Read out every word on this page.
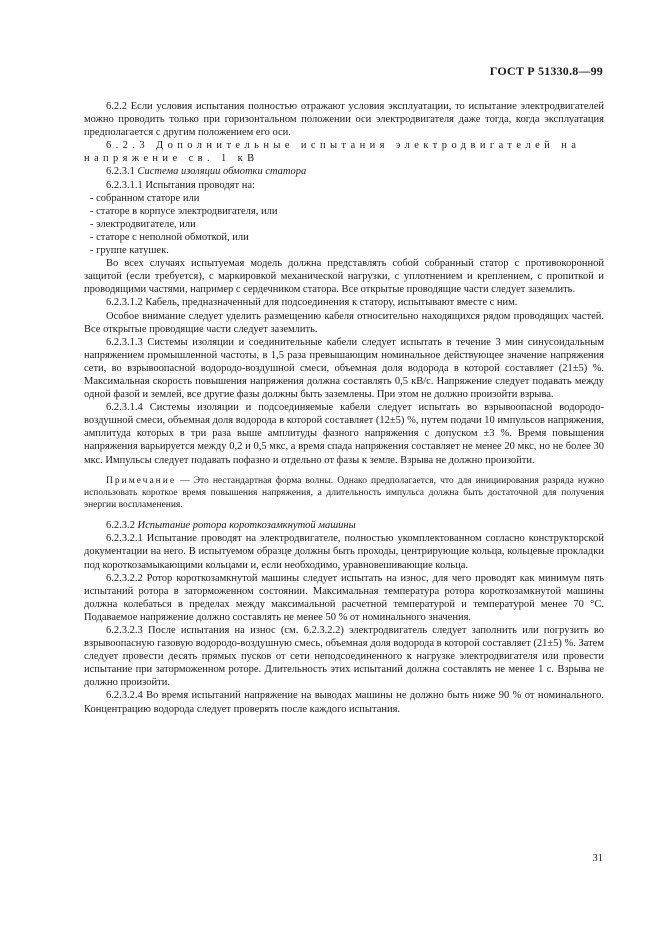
ГОСТ Р 51330.8—99

6.2.2 Если условия испытания полностью отражают условия эксплуатации, то испытание электродвигателей можно проводить только при горизонтальном положении оси электродвигателя даже тогда, когда эксплуатация предполагается с другим положением его оси.

6.2.3 Дополнительные испытания электродвигателей на напряжение св. 1 кВ

6.2.3.1 Система изоляции обмотки статора

6.2.3.1.1 Испытания проводят на:

- собранном статоре или

- статоре в корпусе электродвигателя, или

- электродвигателе, или

- статоре с неполной обмоткой, или

- группе катушек.

Во всех случаях испытуемая модель должна представлять собой собранный статор с противокоронной защитой (если требуется), с маркировкой механической нагрузки, с уплотнением и креплением, с пропиткой и проводящими частями, например с сердечником статора. Все открытые проводящие части следует заземлить.

6.2.3.1.2 Кабель, предназначенный для подсоединения к статору, испытывают вместе с ним.

Особое внимание следует уделить размещению кабеля относительно находящихся рядом проводящих частей. Все открытые проводящие части следует заземлить.

6.2.3.1.3 Системы изоляции и соединительные кабели следует испытать в течение 3 мин синусоидальным напряжением промышленной частоты, в 1,5 раза превышающим номинальное действующее значение напряжения сети, во взрывоопасной водородо-воздушной смеси, объемная доля водорода в которой составляет (21±5) %. Максимальная скорость повышения напряжения должна составлять 0,5 кВ/с. Напряжение следует подавать между одной фазой и землей, все другие фазы должны быть заземлены. При этом не должно произойти взрыва.

6.2.3.1.4 Системы изоляции и подсоединяемые кабели следует испытать во взрывоопасной водородо-воздушной смеси, объемная доля водорода в которой составляет (12±5) %, путем подачи 10 импульсов напряжения, амплитуда которых в три раза выше амплитуды фазного напряжения с допуском ±3 %. Время повышения напряжения варьируется между 0,2 и 0,5 мкс, а время спада напряжения составляет не менее 20 мкс, но не более 30 мкс. Импульсы следует подавать пофазно и отдельно от фазы к земле. Взрыва не должно произойти.

Примечание — Это нестандартная форма волны. Однако предполагается, что для инициирования разряда нужно использовать короткое время повышения напряжения, а длительность импульса должна быть достаточной для получения энергии воспламенения.

6.2.3.2 Испытание ротора короткозамкнутой машины

6.2.3.2.1 Испытание проводят на электродвигателе, полностью укомплектованном согласно конструкторской документации на него. В испытуемом образце должны быть проходы, центрирующие кольца, кольцевые прокладки под короткозамыкающими кольцами и, если необходимо, уравновешивающие кольца.

6.2.3.2.2 Ротор короткозамкнутой машины следует испытать на износ, для чего проводят как минимум пять испытаний ротора в заторможенном состоянии. Максимальная температура ротора короткозамкнутой машины должна колебаться в пределах между максимальной расчетной температурой и температурой менее 70 °С. Подаваемое напряжение должно составлять не менее 50 % от номинального значения.

6.2.3.2.3 После испытания на износ (см. 6.2.3.2.2) электродвигатель следует заполнить или погрузить во взрывоопасную газовую водородо-воздушную смесь, объемная доля водорода в которой составляет (21±5) %. Затем следует провести десять прямых пусков от сети неподсоединенного к нагрузке электродвигателя или провести испытание при заторможенном роторе. Длительность этих испытаний должна составлять не менее 1 с. Взрыва не должно произойти.

6.2.3.2.4 Во время испытаний напряжение на выводах машины не должно быть ниже 90 % от номинального. Концентрацию водорода следует проверять после каждого испытания.

31
